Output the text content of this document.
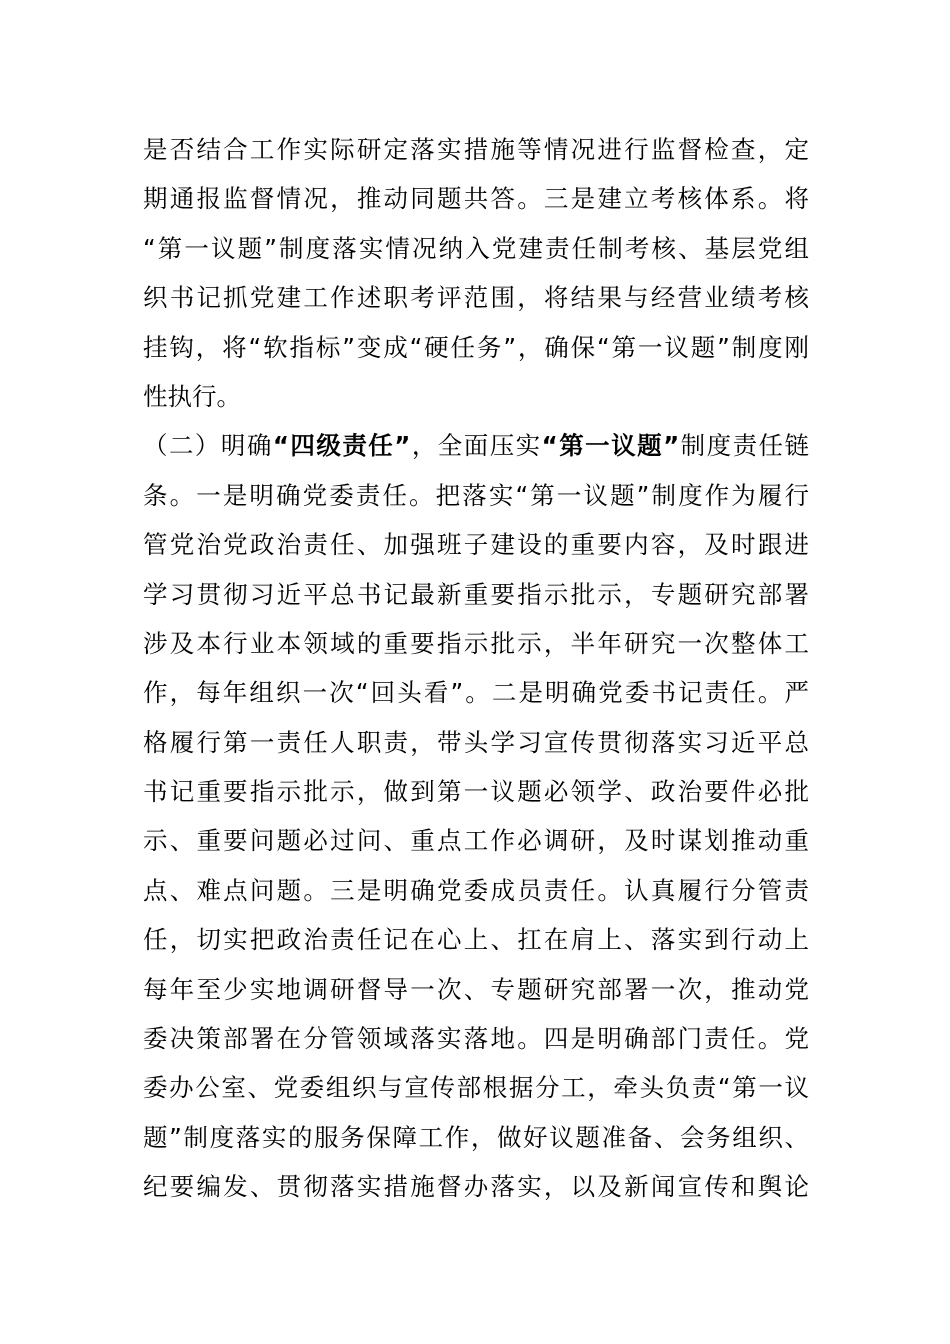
是否结合工作实际研定落实措施等情况进行监督检查，定
期通报监督情况，推动同题共答。三是建立考核体系。将
“第一议题”制度落实情况纳入党建责任制考核、基层党组
织书记抓党建工作述职考评范围，将结果与经营业绩考核
挂钩，将“软指标”变成“硬任务”，确保“第一议题”制度刚
性执行。
（二）明确“四级责任”，全面压实“第一议题”制度责任链
条。一是明确党委责任。把落实“第一议题”制度作为履行
管党治党政治责任、加强班子建设的重要内容，及时跟进
学习贯彻习近平总书记最新重要指示批示，专题研究部署
涉及本行业本领域的重要指示批示，半年研究一次整体工
作，每年组织一次“回头看”。二是明确党委书记责任。严
格履行第一责任人职责，带头学习宣传贯彻落实习近平总
书记重要指示批示，做到第一议题必领学、政治要件必批
示、重要问题必过问、重点工作必调研，及时谋划推动重
点、难点问题。三是明确党委成员责任。认真履行分管责
任，切实把政治责任记在心上、扛在肩上、落实到行动上
每年至少实地调研督导一次、专题研究部署一次，推动党
委决策部署在分管领域落实落地。四是明确部门责任。党
委办公室、党委组织与宣传部根据分工，牵头负责“第一议
题”制度落实的服务保障工作，做好议题准备、会务组织、
纪要编发、贯彻落实措施督办落实，以及新闻宣传和舆论
